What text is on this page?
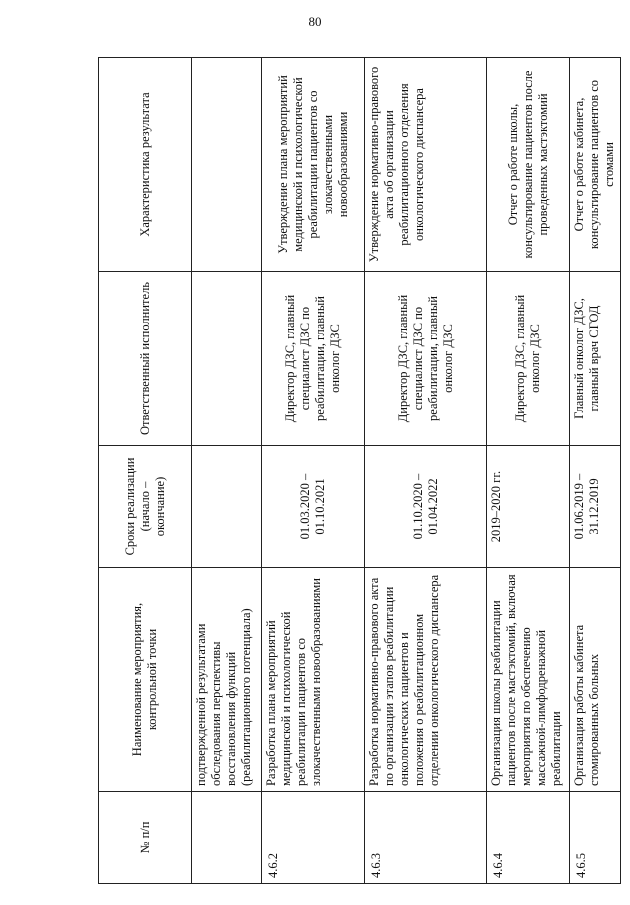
80
№ п/п	Наименование мероприятия, контрольной точки	Сроки реализации (начало – окончание)	Ответственный исполнитель	Характеристика результата
	подтвержденной результатами обследования перспективы восстановления функций (реабилитационного потенциала)			
4.6.2	Разработка плана мероприятий медицинской и психологической реабилитации пациентов со злокачественными новообразованиями	01.03.2020 – 01.10.2021	Директор ДЗС, главный специалист ДЗС по реабилитации, главный онколог ДЗС	Утверждение плана мероприятий медицинской и психологической реабилитации пациентов со злокачественными новообразованиями
4.6.3	Разработка нормативно-правового акта по организации этапов реабилитации онкологических пациентов и положения о реабилитационном отделении онкологического диспансера	01.10.2020 – 01.04.2022	Директор ДЗС, главный специалист ДЗС по реабилитации, главный онколог ДЗС	Утверждение нормативно-правового акта об организации реабилитационного отделения онкологического диспансера
4.6.4	Организация школы реабилитации пациентов после мастэктомий, включая мероприятия по обеспечению массажной-лимфодренажной реабилитации	2019–2020 гг.	Директор ДЗС, главный онколог ДЗС	Отчет о работе школы, консультирование пациентов после проведенных мастэктомий
4.6.5	Организация работы кабинета стомированных больных	01.06.2019 – 31.12.2019	Главный онколог ДЗС, главный врач СГОД	Отчет о работе кабинета, консультирование пациентов со стомами
